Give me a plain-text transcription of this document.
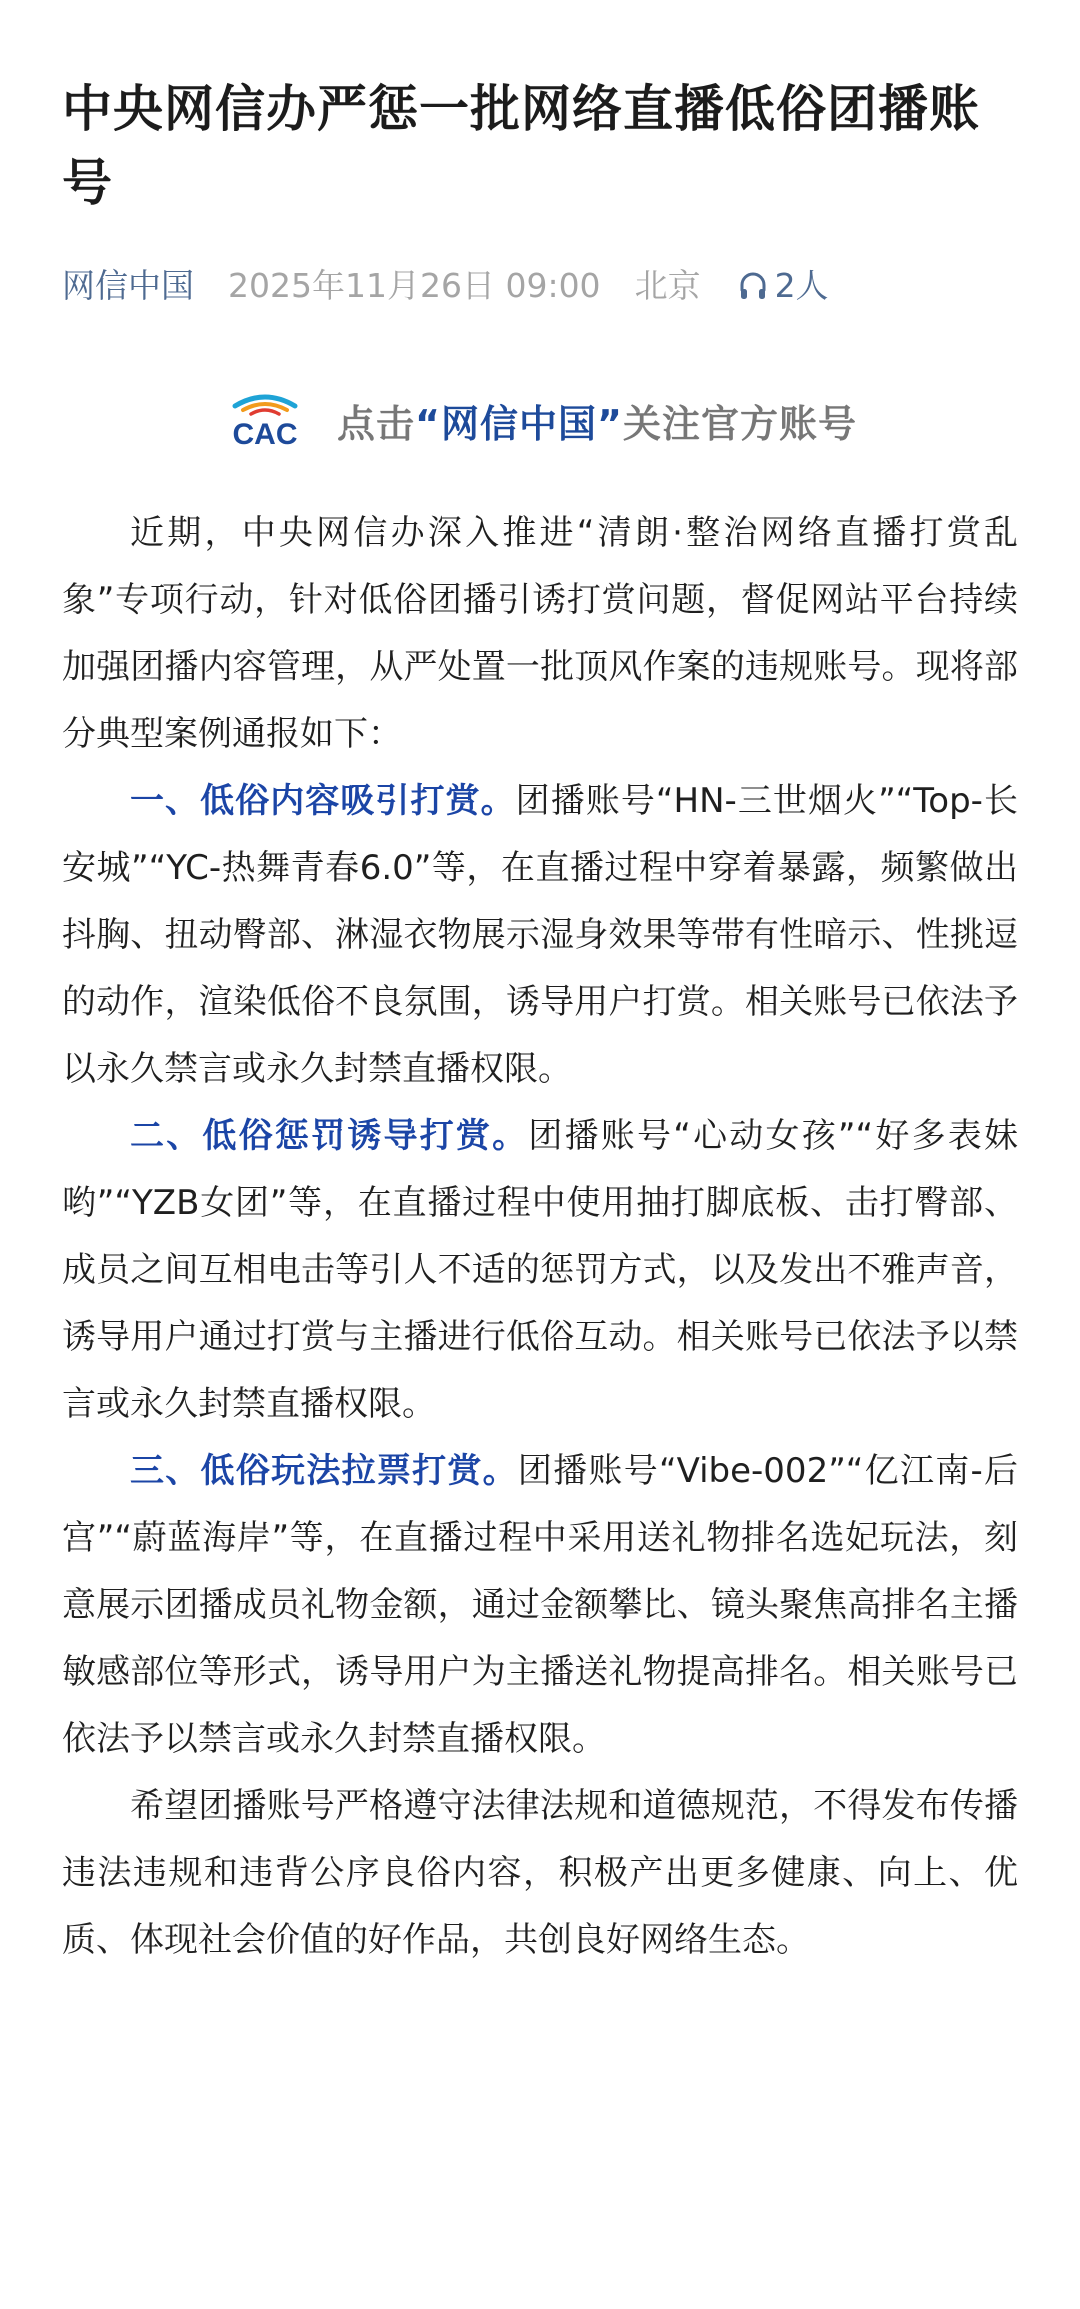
中央网信办严惩一批网络直播低俗团播账号
网信中国 2025年11月26日 09:00 北京 2人
CAC 点击“网信中国”关注官方账号

近期，中央网信办深入推进“清朗·整治网络直播打赏乱象”专项行动，针对低俗团播引诱打赏问题，督促网站平台持续加强团播内容管理，从严处置一批顶风作案的违规账号。现将部分典型案例通报如下：

一、低俗内容吸引打赏。团播账号“HN-三世烟火”“Top-长安城”“YC-热舞青春6.0”等，在直播过程中穿着暴露，频繁做出抖胸、扭动臀部、淋湿衣物展示湿身效果等带有性暗示、性挑逗的动作，渲染低俗不良氛围，诱导用户打赏。相关账号已依法予以永久禁言或永久封禁直播权限。

二、低俗惩罚诱导打赏。团播账号“心动女孩”“好多表妹哟”“YZB女团”等，在直播过程中使用抽打脚底板、击打臀部、成员之间互相电击等引人不适的惩罚方式，以及发出不雅声音，诱导用户通过打赏与主播进行低俗互动。相关账号已依法予以禁言或永久封禁直播权限。

三、低俗玩法拉票打赏。团播账号“Vibe-002”“亿江南-后宫”“蔚蓝海岸”等，在直播过程中采用送礼物排名选妃玩法，刻意展示团播成员礼物金额，通过金额攀比、镜头聚焦高排名主播敏感部位等形式，诱导用户为主播送礼物提高排名。相关账号已依法予以禁言或永久封禁直播权限。

希望团播账号严格遵守法律法规和道德规范，不得发布传播违法违规和违背公序良俗内容，积极产出更多健康、向上、优质、体现社会价值的好作品，共创良好网络生态。
